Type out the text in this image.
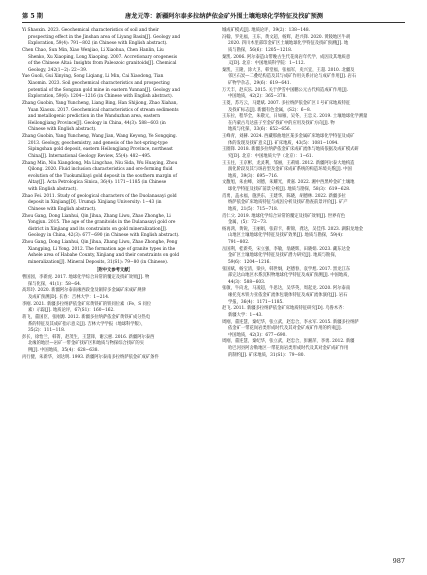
第 5 期	唐龙元等：新疆阿尔泰多拉纳萨依金矿外围土壤地球化学特征及找矿预测

Yi Shaoxin. 2023. Geochemical characteristics of soil and their
prospecting effect in the Jinshan area of Liyang Basin[J]. Geology and
Exploration, 59(4): 791−802 (in Chinese with English abstract).

Chen Chao, Sun Min, Xiao Wenjiao, Li Xiaohua, Chen Hanlin, Liu
Shenko, Xu Xiaoping, Long Xiaoping. 2007. Accretionary orogenesis
of the Chinese Altai: Insights from Paleozoic granitoids[J]. Chemical
Geology, 242(1−2): 22−39.

Yue Guoli, Gui Xinying, Song Liqiang, Li Min, Cai Xiaodong, Tian
Xiaomin. 2023. Soil geochemical characteristics and prospecting
potential of the Songzan gold mine in eastern Yunnan[J]. Geology and
Exploration, 59(6): 1204−1216 (in Chinese with English abstract).

Zhang Guobin, Yang Yuncheng, Liang Bing, Han Shijiong, Zhao Xiahan,
Yuan Xiaoxu. 2017. Geochemical characteristics of stream sediments
and metallogenic prediction in the Wanduzhan area, eastern
Heilongjiang Province[J]. Geology in China, 44(3): 588−603 (in
Chinese with English abstract).

Zhang Guobin, Yang Yuncheng, Wang Jian, Wang Keyong, Ye Songqing.
2013. Geology, geochemistry, and genesis of the hot-spring-type
Sipingshan gold deposit, eastern Heilongjiang Province, northeast
China[J]. International Geology Review, 55(4): 482−495.

Zhang Min, Niu Xiangdong, Ma Lingchao, Niu Sida, Wu Huaying, Zhou
Qilong. 2020. Fluid inclusion characteristics and ore-forming fluid
evolution of the Tuokumiliayi gold deposit in the southern margin of
Altay[J]. Acta Petrologica Sinica, 36(4): 1171−1185 (in Chinese
with English abstract).

Zhao Fei. 2011. Study of geological characters of the Duolanasayi gold
deposit in Xinjiang[D]. Urumqi: Xinjiang University: 1−43 (in
Chinese with English abstract).

Zhou Gang, Dong Lianhui, Qin Jihua, Zhang Liwu, Zhao Zhonghe, Li
Yongjun. 2015. The age of the granitoids in the Dulanasayi gold ore
district in Xinjiang and its constraints on gold mineralization[J].
Geology in China, 42(3): 677−690 (in Chinese with English abstract).

Zhou Gang, Dong Lianhui, Qin Jihua, Zhang Liwu, Zhao Zhonghe, Peng
Xiangping, Li Yong. 2012. The formation age of granite types in the
Ashele area of Habahe County, Xinjiang and their constraints on gold
mineralization[J]. Mineral Deposits, 31(S1): 79−80 (in Chinese).

［附中文参考文献］

曹国园，李新虎. 2017. 地球化学综合异常的覆定及找矿效果[J]. 物
探与化探，41(1)：58−64.

高玮玲. 2020. 新疆阿尔泰南缘西段金及铜锌多金属矿床成矿规律
及成矿预测[D]. 长春：吉林大学：1−214.

李刚. 2021. 新疆多拉纳萨依金矿床黄铁矿的铁同位素（Fe、S 同位
素）示踪[J]. 地质论评，67(S1)：160−162.

蒋飞，董国臣，张刚源. 2012. 新疆多拉纳萨依金矿黄铁矿成分热电
系的特征及其成矿指示意义[J]. 吉林大学学报（地球科学版），
35(2)：111−118.

彭长，徐怡兰，韩箐，赵茂生，王慧锋，谢云惠. 2016. 新疆阿尔泰西
北缘的地层—岩矿一带金矿找矿区和地质与物探综合找矿的实
例[J]. 中国地质，35(4)：628−638.

丙行健，朱新华，刘达明. 1993. 新疆阿尔泰南多拉纳萨依金矿成矿条件

城成矿模式[J]. 地质论评，39(2)：138−148.

冯翰，罗先福，王东，黄文超，杨辉，赵兴锋. 2020. 黄陵地区牛胡
2020. 四川木里部印金矿区土壤地球化学特征及找矿预测[J]. 地
质与勘探，56(6)：1205−1218.

秦凯. 2006. 阿尔泰造山带晚古生代花岗岩年代学、成因及其地质意
义[D]. 北京：中国地质科学院：1−112.

秦凯，王隆，涂大卫，韩堂福，张福军，史兴宜，王超. 2010. 北疆及
邻区石炭—二叠纪构造及其与成矿作用关系讨论与成矿作用[J]. 岩石
矿物学杂志，29(6)：619−641.

万天丰，赵庆乐. 2015. 关于伊雪中国鹏公元古代构造成矿作用[J].
中国地质，42(2)：365−378.

王菱，苏巧云，马建斌. 2007. 多拉纳萨依金矿区 I 号矿床地质特征
及找矿标志[J]. 新疆有色金属，(S2)：6−8.

王东拉，程华全，朱敬元，日如雁，吴冬，王忠义. 2019. 土壤地球化学测量
在内蒙古乌达兹子至金矿找矿中的应用及找矿方向[J]. 物
地质与化探，33(6)：652−656.

王峰青，刘赫. 2024. 西藏那曲地区某多金属矿床地球化学特征及成矿
体的发现及找矿意义[J]. 矿床地质，43(5)：1081−1094.

王圈锋. 2018. 新疆多拉纳萨依金矿床成矿流体与地质依据及成矿模式研
究[D]. 北京：中国地质大学（北京）：1−61.

王玉往，王京彬，龙灵利，邹丽，王莉娟. 2012. 新疆阿尔泰大地构造
演化阶段及其与斑岩型及金矿床成矿系统的构造环境关系[J]. 中国
地质，39(3)：695−716.

文馥旭，朱由峰，刘德，朱耀光，黄嘉. 2022. 湘中西黑岭金矿土壤地
球化学特征及找矿前景分析[J]. 地质与勘探，58(3)：619−628.

肖勇，盖永福，施洪东，王建华，陈晓，胡德林. 2022. 新疆多拉
纳萨依金矿床地质特征与成因分析及找矿勘查前景评价[J]. 矿产
地质，21(5)：715−718.

肖仁父. 2019. 地球化学综合异常的覆定及找矿效果[J]. 世界有色
金属，(5)：72−73.

杨再鸿，黄锐，王丽娟，张彩卡，靳锦，龚达，吴佳伟. 2023. 湖阳龙地金
山地区土壤地球化学特征及找矿效果[J]. 地质与勘探，59(4)：
791−802.

岳国利，桂新英，宋立强，李敏，翁晓辉，田晓娟. 2023. 藏东达金
金矿区土壤地球化学特征及找矿潜力研究[J]. 地质与勘探，
59(6)：1204−1216.

张国斌，杨宝清，梁兵，韩世炯，赵德春，袁学旭. 2017. 黑龙江东
部完达山地区水系沉积物地球化学特征及成矿预测[J]. 中国地质，
44(3)：588−603.

张敏，牛向龙，马凌超，牛思达，吴华英，周起龙. 2020. 阿尔泰南
缘托克木铁力亚依金矿流体包裹体特征及成矿流体演化[J]. 岩石
学报，36(4)：1171−1185.

赵飞. 2011. 新疆多拉纳萨依金矿床地质特征研究[D]. 乌鲁木齐：
新疆大学：1−43.

周刚，董连慧，秦纪华，张立武，赵忠合，李永军. 2015. 新疆多拉纳萨
依金矿一带花岗岩类形成时代及其对金矿成矿作用的约束[J].
中国地质，42(3)：677−690.

周刚，董连慧，秦纪华，张立武，赵忠合，彭湘萍，李勇. 2012. 新疆
哈巴河县阿舍勒地区一带花岗岩类形成时代及其对金矿成矿作用
的制约[J]. 矿床地质，31(S1)：79−80.

987
